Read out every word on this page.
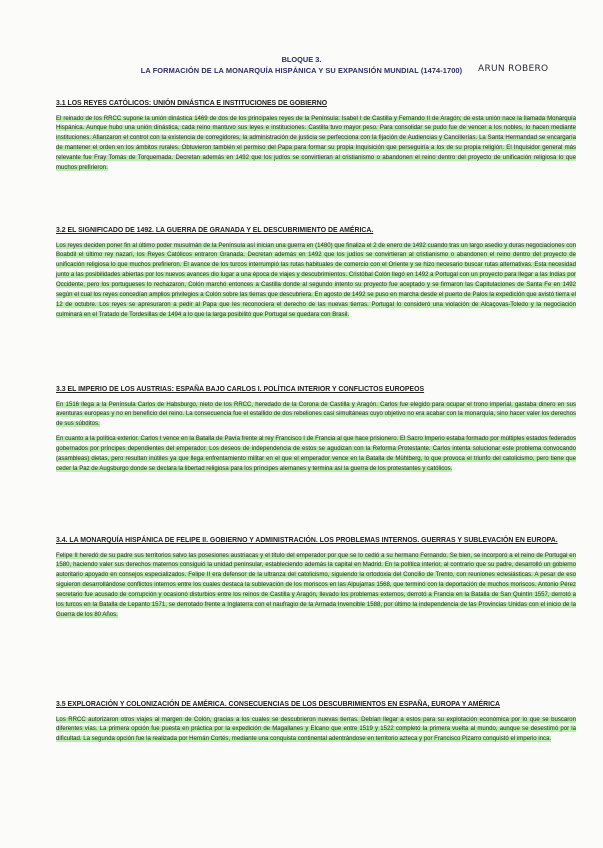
BLOQUE 3.
LA FORMACIÓN DE LA MONARQUÍA HISPÁNICA Y SU EXPANSIÓN MUNDIAL (1474-1700)	ARUN ROBERO
3.1 LOS REYES CATÓLICOS: UNIÓN DINÁSTICA E INSTITUCIONES DE GOBIERNO

El reinado de los RRCC supone la unión dinástica 1469 de dos de los principales reyes de la Península: Isabel I de Castilla y Fernando II de Aragón; de esta unión nace la llamada Monarquía Hispánica. Aunque hubo una unión dinástica, cada reino mantuvo sus leyes e instituciones. Castilla tuvo mayor peso. Para consolidar se pudo fue de vencer a los nobles, lo hacen mediante instituciones. Afianzaron el control con la existencia de corregidores, la administración de justicia se perfecciona con la fijación de Audiencias y Cancillerías. La Santa Hermandad se encargaría de mantener el orden en los ámbitos rurales. Obtuvieron también el permiso del Papa para formar su propia Inquisición que perseguiría a los de su propia religión. El Inquisidor general más relevante fue Fray Tomás de Torquemada. Decretan además en 1492 que los judíos se convirtieran al cristianismo o abandonen el reino dentro del proyecto de unificación religiosa lo que muchos prefirieron.

3.2 EL SIGNIFICADO DE 1492. LA GUERRA DE GRANADA Y EL DESCUBRIMIENTO DE AMÉRICA.

Los reyes deciden poner fin al último poder musulmán de la Península así inician una guerra en (1480) que finaliza el 2 de enero de 1492 cuando tras un largo asedio y duras negociaciones con Boabdil el último rey nazarí, los Reyes Católicos entraron Granada. Decretan además en 1492 que los judíos se convirtieran al cristianismo o abandonen el reino dentro del proyecto de unificación religiosa lo que muchos prefirieron. El avance de los turcos interrumpió las rutas habituales de comercio con el Oriente y se hizo necesario buscar rutas alternativas. Esta necesidad junto a las posibilidades abiertas por los nuevos avances dio lugar a una época de viajes y descubrimientos. Cristóbal Colón llegó en 1492 a Portugal con un proyecto para llegar a las Indias por Occidente, pero los portugueses lo rechazaron, Colón marchó entonces a Castilla donde al segundo intento su proyecto fue aceptado y se firmaron las Capitulaciones de Santa Fe en 1492 según el cual los reyes concedían amplios privilegios a Colón sobre las tierras que descubriera. En agosto de 1492 se puso en marcha desde el puerto de Palos la expedición que avistó tierra el 12 de octubre. Los reyes se apresuraron a pedir al Papa que les reconociera el derecho de las nuevas tierras. Portugal lo consideró una violación de Alcaçovas-Toledo y la negociación culminará en el Tratado de Tordesillas de 1494 a lo que la larga posibilitó que Portugal se quedara con Brasil.

3.3 EL IMPERIO DE LOS AUSTRIAS: ESPAÑA BAJO CARLOS I. POLÍTICA INTERIOR Y CONFLICTOS EUROPEOS

En 1516 llega a la Península Carlos de Habsburgo, nieto de los RRCC, heredado de la Corona de Castilla y Aragón. Carlos fue elegido para ocupar el trono imperial, gastaba dinero en sus aventuras europeas y no en beneficio del reino. La consecuencia fue el estallido de dos rebeliones casi simultáneas cuyo objetivo no era acabar con la monarquía, sino hacer valer los derechos de sus súbditos.

En cuanto a la política exterior. Carlos I vence en la Batalla de Pavía frente al rey Francisco I de Francia al que hace prisionero. El Sacro Imperio estaba formado por múltiples estados federados gobernados por príncipes dependientes del emperador. Los deseos de independencia de estos se agudizan con la Reforma Protestante. Carlos intenta solucionar este problema convocando (asambleas) dietas, pero resultan inútiles ya que llega enfrentamiento militar en el que el emperador vence en la Batalla de Mühlberg, lo que provoca el triunfo del catolicismo, pero tiene que ceder la Paz de Augsburgo donde se declara la libertad religiosa para los príncipes alemanes y termina así la guerra de los protestantes y católicos.

3.4. LA MONARQUÍA HISPÁNICA DE FELIPE II. GOBIERNO Y ADMINISTRACIÓN. LOS PROBLEMAS INTERNOS. GUERRAS Y SUBLEVACIÓN EN EUROPA.

Felipe II heredó de su padre sus territorios salvo las posesiones austriacas y el título del emperador por que se lo cedió a su hermano Fernando. Se bien, se incorporó a el reino de Portugal en 1580, haciendo valer sus derechos maternos consiguió la unidad peninsular, estableciendo además la capital en Madrid. En la política interior, al contrario que su padre, desarrolló un gobierno autoritario apoyado en consejos especializados. Felipe II era defensor de la ultranza del catolicismo, siguiendo la ortodoxia del Concilio de Trento, con reuniones eclesiásticas. A pesar de eso siguieron desarrollándose conflictos internos entre los cuales destaca la sublevación de los moriscos en las Alpujarras 1568, que terminó con la deportación de muchos moriscos. Antonio Pérez secretario fue acusado de corrupción y ocasionó disturbios entre los reinos de Castilla y Aragón, llevado los problemas externos, derrotó a Francia en la Batalla de San Quintín 1557, derrotó a los turcos en la Batalla de Lepanto 1571, se derrotado frente a Inglaterra con el naufragio de la Armada Invencible 1588, por último la independencia de las Provincias Unidas con el inicio de la Guerra de los 80 Años.

3.5 EXPLORACIÓN Y COLONIZACIÓN DE AMÉRICA. CONSECUENCIAS DE LOS DESCUBRIMIENTOS EN ESPAÑA, EUROPA Y AMÉRICA

Los RRCC autorizaron otros viajes al margen de Colón, gracias a los cuales se descubrieron nuevas tierras. Debían llegar a estos para su explotación económica por lo que se buscaron diferentes vías. La primera opción fue puesta en práctica por la expedición de Magallanes y Elcano que entre 1519 y 1522 completó la primera vuelta al mundo, aunque se desestimó por la dificultad. La segunda opción fue la realizada por Hernán Cortés, mediante una conquista continental adentrándose en territorio azteca y por Francisco Pizarro conquistó el imperio inca.
